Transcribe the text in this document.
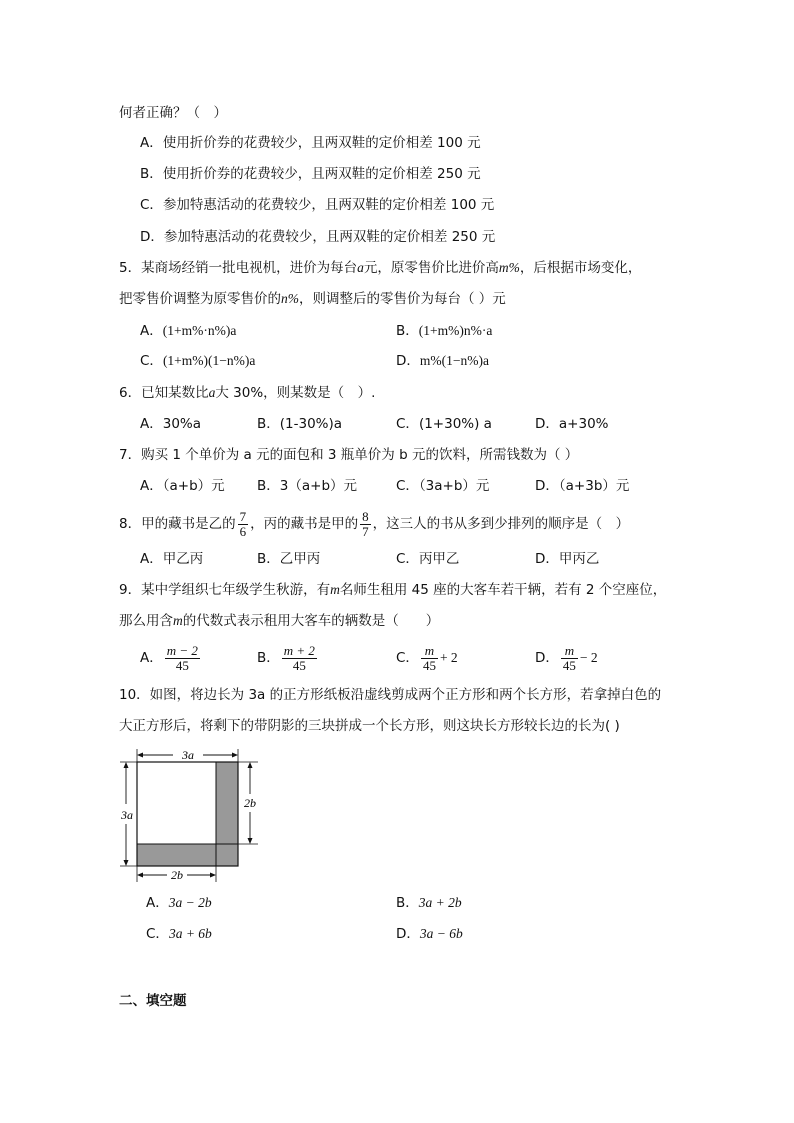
何者正确？（　）
A．使用折价券的花费较少，且两双鞋的定价相差 100 元
B．使用折价券的花费较少，且两双鞋的定价相差 250 元
C．参加特惠活动的花费较少，且两双鞋的定价相差 100 元
D．参加特惠活动的花费较少，且两双鞋的定价相差 250 元
5．某商场经销一批电视机，进价为每台a元，原零售价比进价高m%，后根据市场变化，
把零售价调整为原零售价的n%，则调整后的零售价为每台（ ）元
A．(1+m%·n%)a	B．(1+m%)n%·a
C．(1+m%)(1−n%)a	D．m%(1−n%)a
6．已知某数比a大 30%，则某数是（　）.
A．30%a	B．(1-30%)a	C．(1+30%) a	D．a+30%
7．购买 1 个单价为 a 元的面包和 3 瓶单价为 b 元的饮料，所需钱数为（ ）
A．（a+b）元 B．3（a+b）元	C．（3a+b）元	D．（a+3b）元
8．甲的藏书是乙的 $\frac{7}{6}$ ，丙的藏书是甲的 $\frac{8}{7}$ ，这三人的书从多到少排列的顺序是（　）
A．甲乙丙	B．乙甲丙	C．丙甲乙	D．甲丙乙
9．某中学组织七年级学生秋游，有m名师生租用 45 座的大客车若干辆，若有 2 个空座位，
那么用含m的代数式表示租用大客车的辆数是（　　）
A． $\frac{m - 2}{45}$	B． $\frac{m + 2}{45}$	C． $\frac{m}{45} + 2$	D． $\frac{m}{45} - 2$
10．如图，将边长为 3a 的正方形纸板沿虚线剪成两个正方形和两个长方形，若拿掉白色的
大正方形后，将剩下的带阴影的三块拼成一个长方形，则这块长方形较长边的长为( )
3a
3a
2b
2b
A．3a − 2b	B．3a + 2b
C．3a + 6b	D．3a − 6b
二、填空题
